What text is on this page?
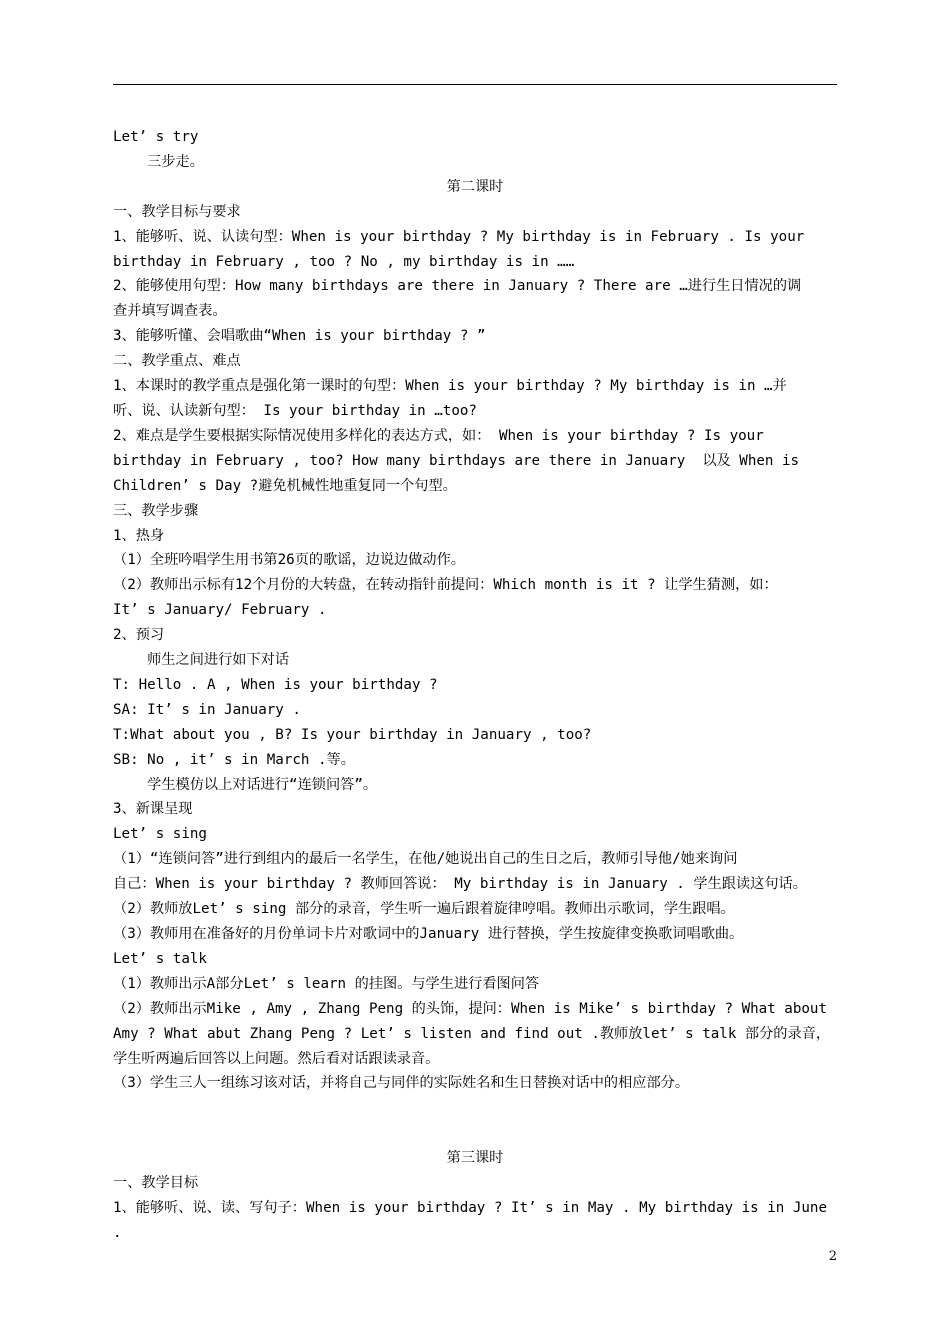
Let’ s try

三步走。

第二课时

一、教学目标与要求

1、能够听、说、认读句型：When is your birthday ? My birthday is in February . Is your

birthday in February , too ? No , my birthday is in ……

2、能够使用句型：How many birthdays are there in January ? There are …进行生日情况的调

查并填写调查表。

3、能够听懂、会唱歌曲“When is your birthday ? ”

二、教学重点、难点

1、本课时的教学重点是强化第一课时的句型：When is your birthday ? My birthday is in …并

听、说、认读新句型： Is your birthday in …too?

2、难点是学生要根据实际情况使用多样化的表达方式，如： When is your birthday ? Is your

birthday in February , too? How many birthdays are there in January  以及 When is

Children’ s Day ?避免机械性地重复同一个句型。

三、教学步骤

1、热身

（1）全班吟唱学生用书第26页的歌谣，边说边做动作。

（2）教师出示标有12个月份的大转盘，在转动指针前提问：Which month is it ? 让学生猜测，如：

It’ s January/ February .

2、预习

师生之间进行如下对话

T: Hello . A , When is your birthday ?

SA: It’ s in January .

T:What about you , B? Is your birthday in January , too?

SB: No , it’ s in March .等。

学生模仿以上对话进行“连锁问答”。

3、新课呈现

Let’ s sing

（1）“连锁问答”进行到组内的最后一名学生，在他/她说出自己的生日之后，教师引导他/她来询问

自己：When is your birthday ? 教师回答说： My birthday is in January . 学生跟读这句话。

（2）教师放Let’ s sing 部分的录音，学生听一遍后跟着旋律哼唱。教师出示歌词，学生跟唱。

（3）教师用在准备好的月份单词卡片对歌词中的January 进行替换，学生按旋律变换歌词唱歌曲。

Let’ s talk

（1）教师出示A部分Let’ s learn 的挂图。与学生进行看图问答

（2）教师出示Mike , Amy , Zhang Peng 的头饰，提问：When is Mike’ s birthday ? What about

Amy ? What abut Zhang Peng ? Let’ s listen and find out .教师放let’ s talk 部分的录音，

学生听两遍后回答以上问题。然后看对话跟读录音。

（3）学生三人一组练习该对话，并将自己与同伴的实际姓名和生日替换对话中的相应部分。

第三课时

一、教学目标

1、能够听、说、读、写句子：When is your birthday ? It’ s in May . My birthday is in June .

2
